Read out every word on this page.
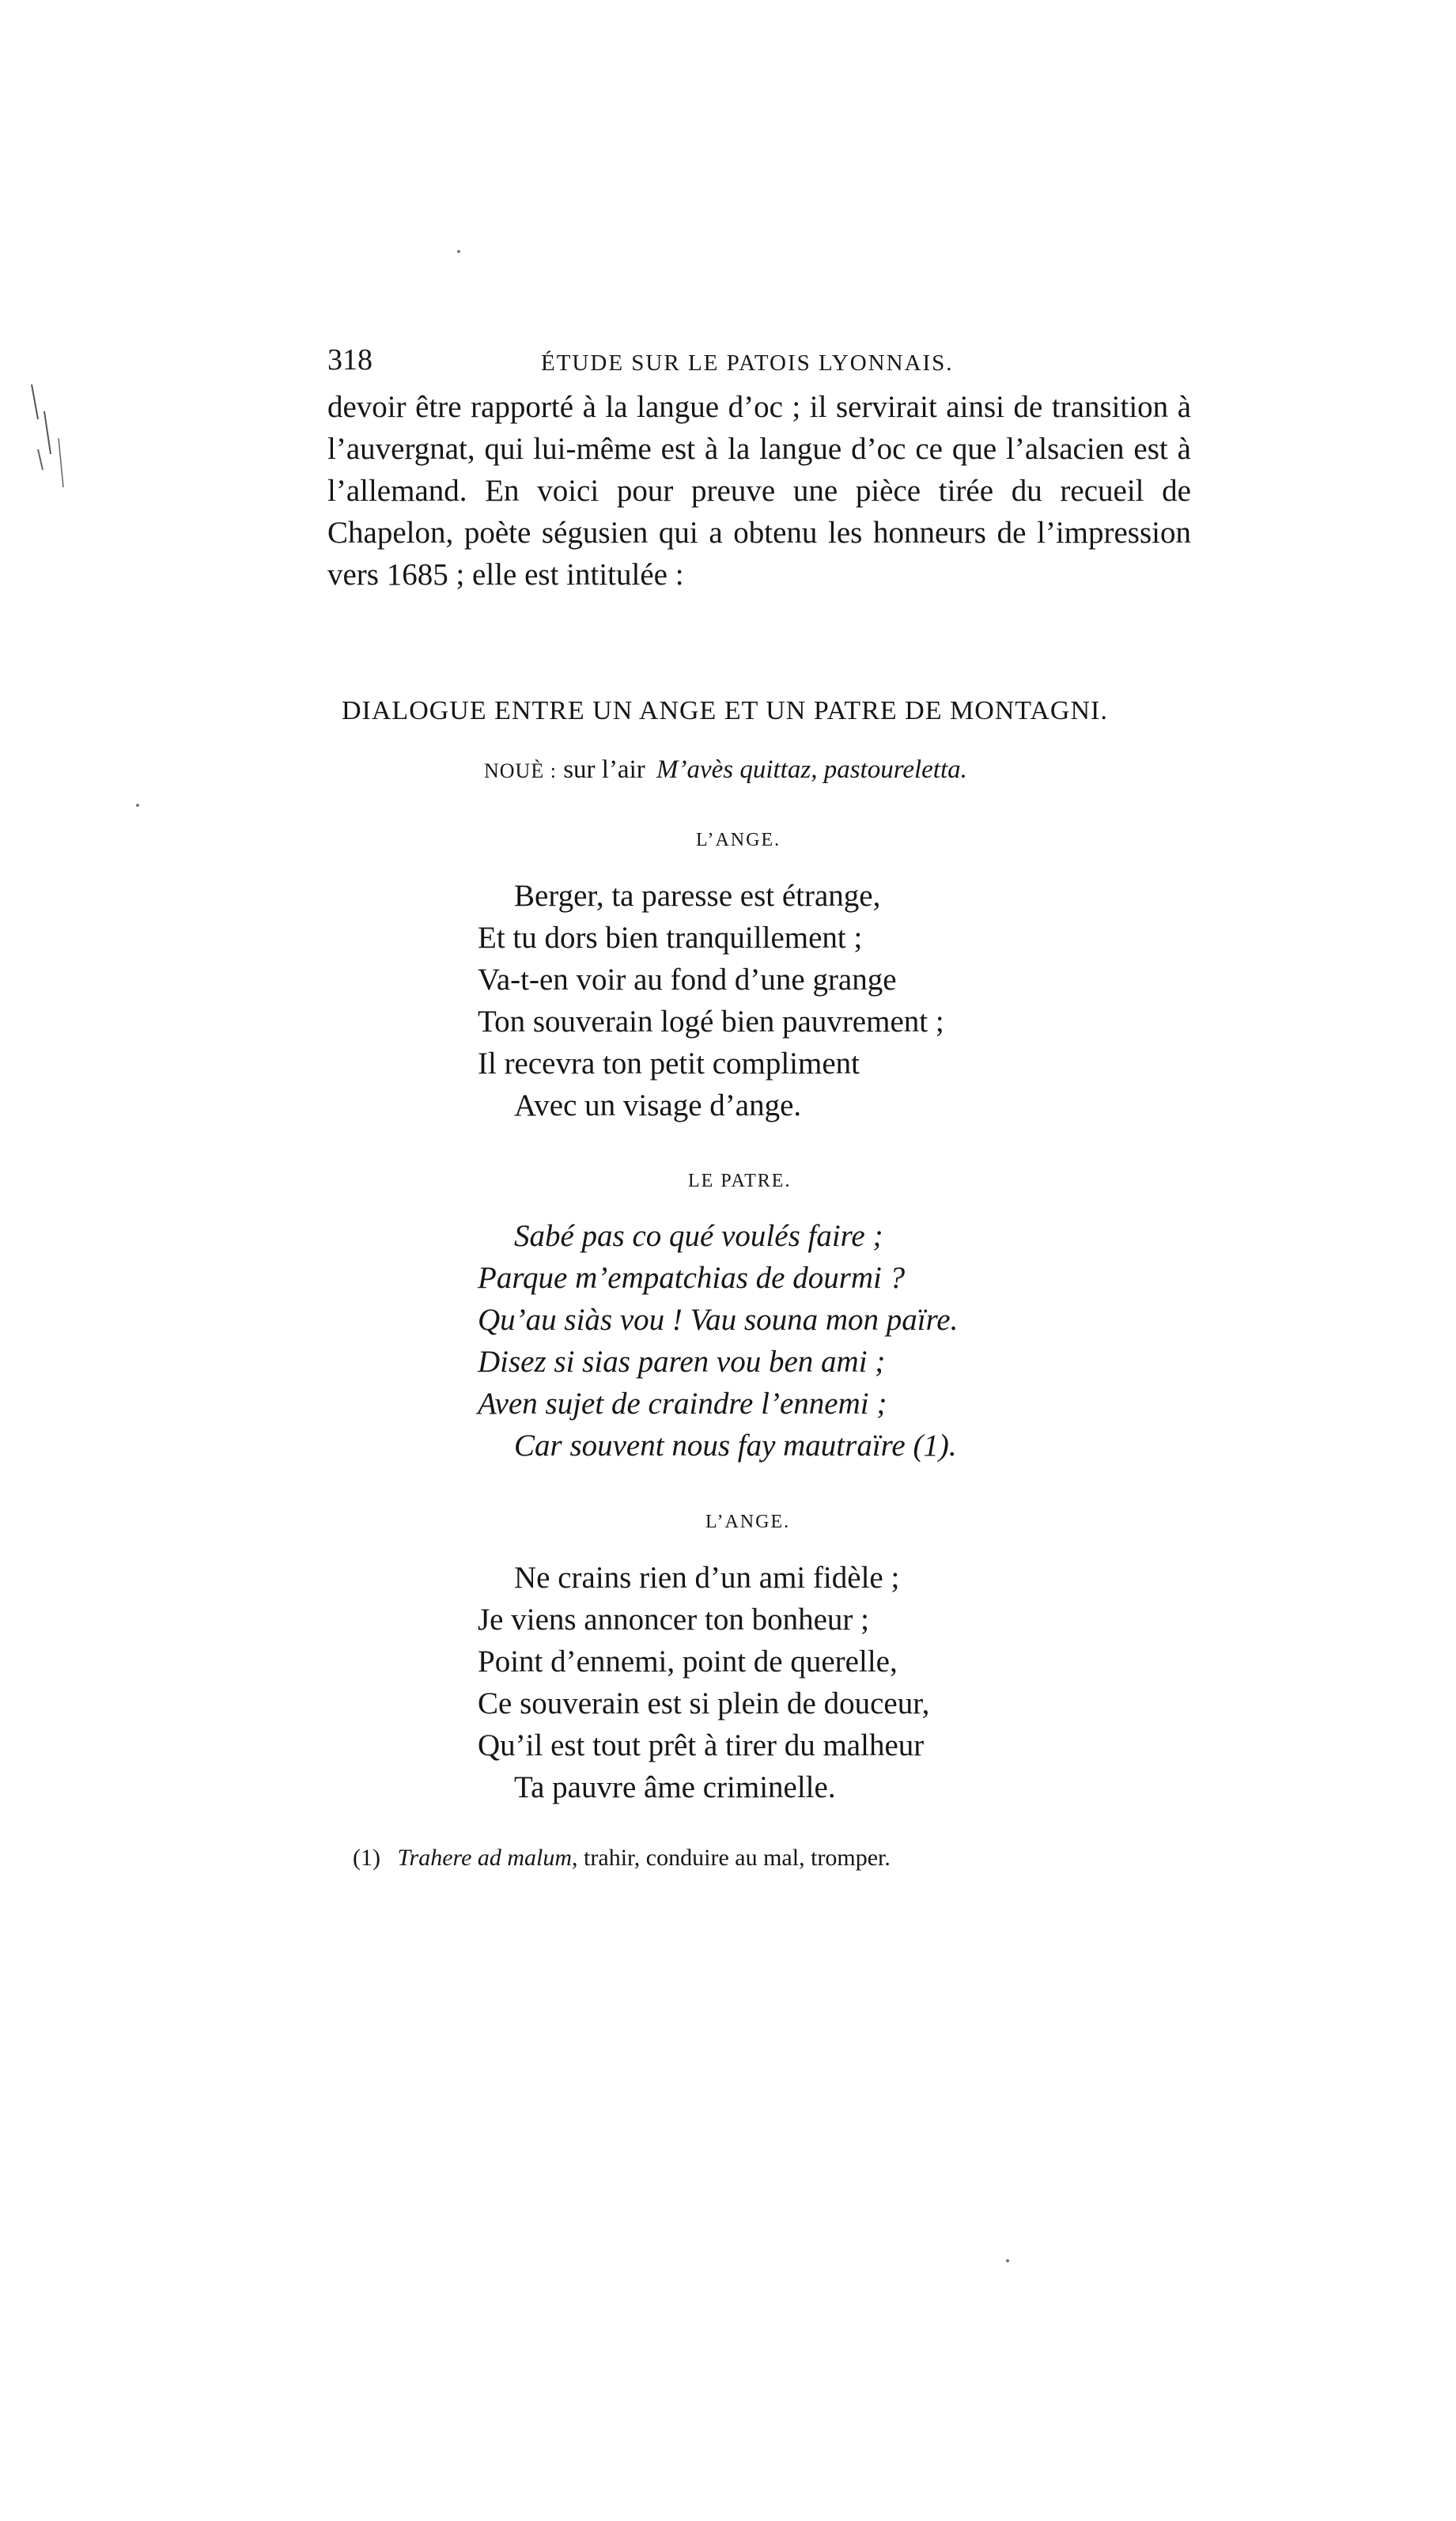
318	ÉTUDE SUR LE PATOIS LYONNAIS.

devoir être rapporté à la langue d’oc ; il servirait ainsi de transition à l’auvergnat, qui lui-même est à la langue d’oc ce que l’alsacien est à l’allemand. En voici pour preuve une pièce tirée du recueil de Chapelon, poète ségusien qui a obtenu les honneurs de l’impression vers 1685 ; elle est intitulée :

DIALOGUE ENTRE UN ANGE ET UN PATRE DE MONTAGNI.
NOUÈ : sur l’air M’avès quittaz, pastoureletta.
L’ANGE.
Berger, ta paresse est étrange,
Et tu dors bien tranquillement ;
Va-t-en voir au fond d’une grange
Ton souverain logé bien pauvrement ;
Il recevra ton petit compliment
Avec un visage d’ange.
LE PATRE.
Sabé pas co qué voulés faire ;
Parque m’empatchias de dourmi ?
Qu’au siàs vou ! Vau souna mon païre.
Disez si sias paren vou ben ami ;
Aven sujet de craindre l’ennemi ;
Car souvent nous fay mautraïre (1).
L’ANGE.
Ne crains rien d’un ami fidèle ;
Je viens annoncer ton bonheur ;
Point d’ennemi, point de querelle,
Ce souverain est si plein de douceur,
Qu’il est tout prêt à tirer du malheur
Ta pauvre âme criminelle.
(1) Trahere ad malum, trahir, conduire au mal, tromper.
